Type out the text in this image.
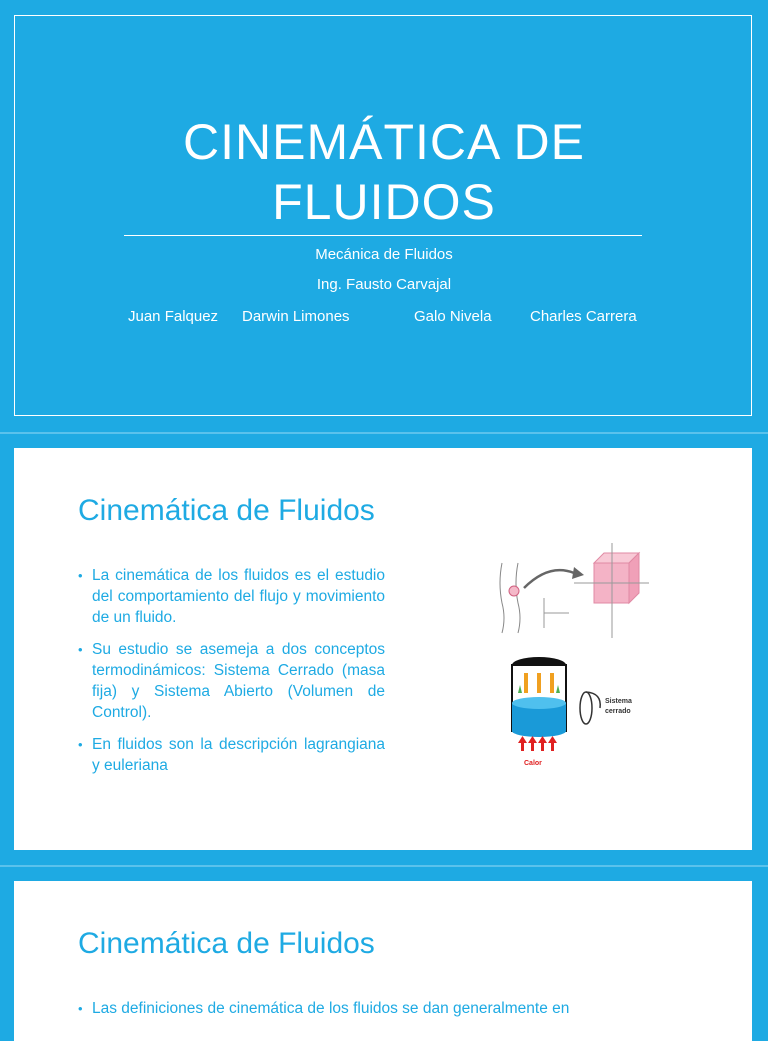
CINEMÁTICA DE
FLUIDOS
Mecánica de Fluidos
Ing. Fausto Carvajal
Juan Falquez Darwin Limones	Galo Nivela	Charles Carrera
Cinemática de Fluidos
• La cinemática de los fluidos es el estudio del comportamiento del flujo y movimiento de un fluido.
• Su estudio se asemeja a dos conceptos termodinámicos: Sistema Cerrado (masa fija) y Sistema Abierto (Volumen de Control).
• En fluidos son la descripción lagrangiana y euleriana
Sistema
cerrado
Calor
Cinemática de Fluidos
• Las definiciones de cinemática de los fluidos se dan generalmente en
